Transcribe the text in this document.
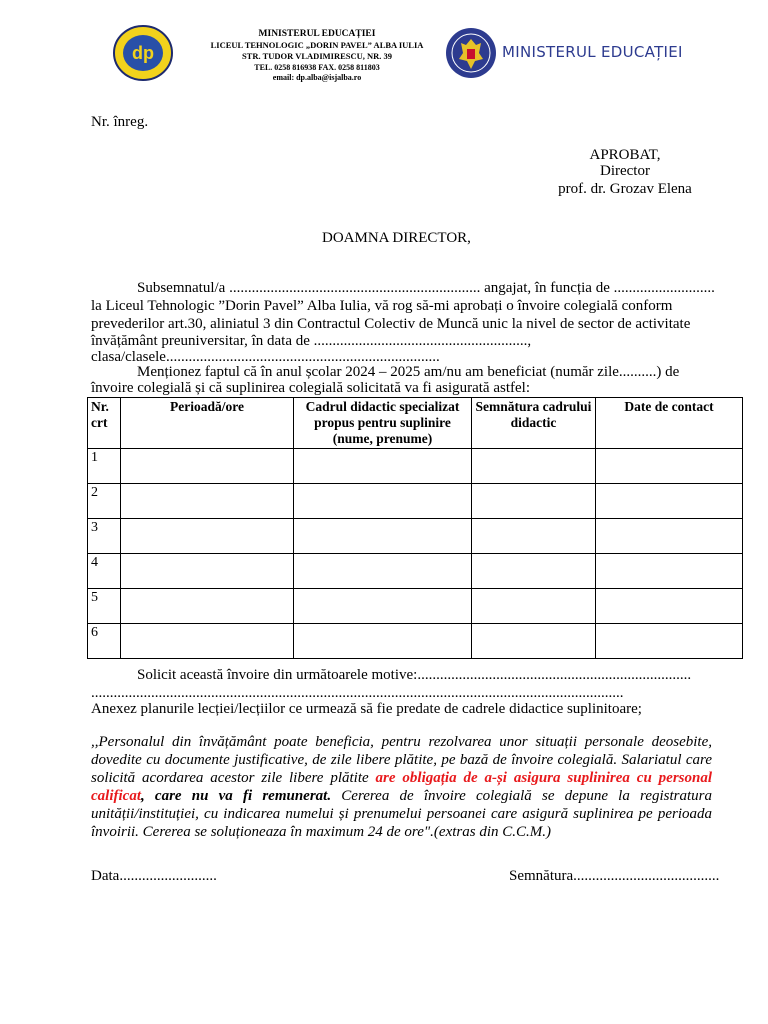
dp
MINISTERUL EDUCAȚIEI
LICEUL TEHNOLOGIC „DORIN PAVEL” ALBA IULIA
STR. TUDOR VLADIMIRESCU, NR. 39
TEL. 0258 816938 FAX. 0258 811803
email: dp.alba@isjalba.ro
MINISTERUL EDUCAȚIEI
Nr. înreg.
APROBAT,
Director
prof. dr. Grozav Elena
DOAMNA DIRECTOR,
Subsemnatul/a ................................................................... angajat, în funcția de ...........................
la Liceul Tehnologic ”Dorin Pavel” Alba Iulia, vă rog să-mi aprobați o învoire colegială conform
prevederilor art.30, aliniatul 3 din Contractul Colectiv de Muncă unic la nivel de sector de activitate
învățământ preuniversitar, în data de .........................................................,
clasa/clasele.........................................................................
Menționez faptul că în anul școlar 2024 – 2025 am/nu am beneficiat (număr zile..........) de
învoire colegială și că suplinirea colegială solicitată va fi asigurată astfel:
Nr. crt	Perioadă/ore	Cadrul didactic specializat propus pentru suplinire (nume, prenume)	Semnătura cadrului didactic	Date de contact
1				
2				
3				
4				
5				
6				
Solicit această învoire din următoarele motive:.........................................................................
..............................................................................................................................................
Anexez planurile lecției/lecțiilor ce urmează să fie predate de cadrele didactice suplinitoare;
,,Personalul din învățământ poate beneficia, pentru rezolvarea unor situații personale deosebite, dovedite cu documente justificative, de zile libere plătite, pe bază de învoire colegială. Salariatul care solicită acordarea acestor zile libere plătite are obligația de a-și asigura suplinirea cu personal calificat, care nu va fi remunerat. Cererea de învoire colegială se depune la registratura unității/instituției, cu indicarea numelui și prenumelui persoanei care asigură suplinirea pe perioada învoirii. Cererea se soluționeaza în maximum 24 de ore".(extras din C.C.M.)
Data..........................	Semnătura.......................................
